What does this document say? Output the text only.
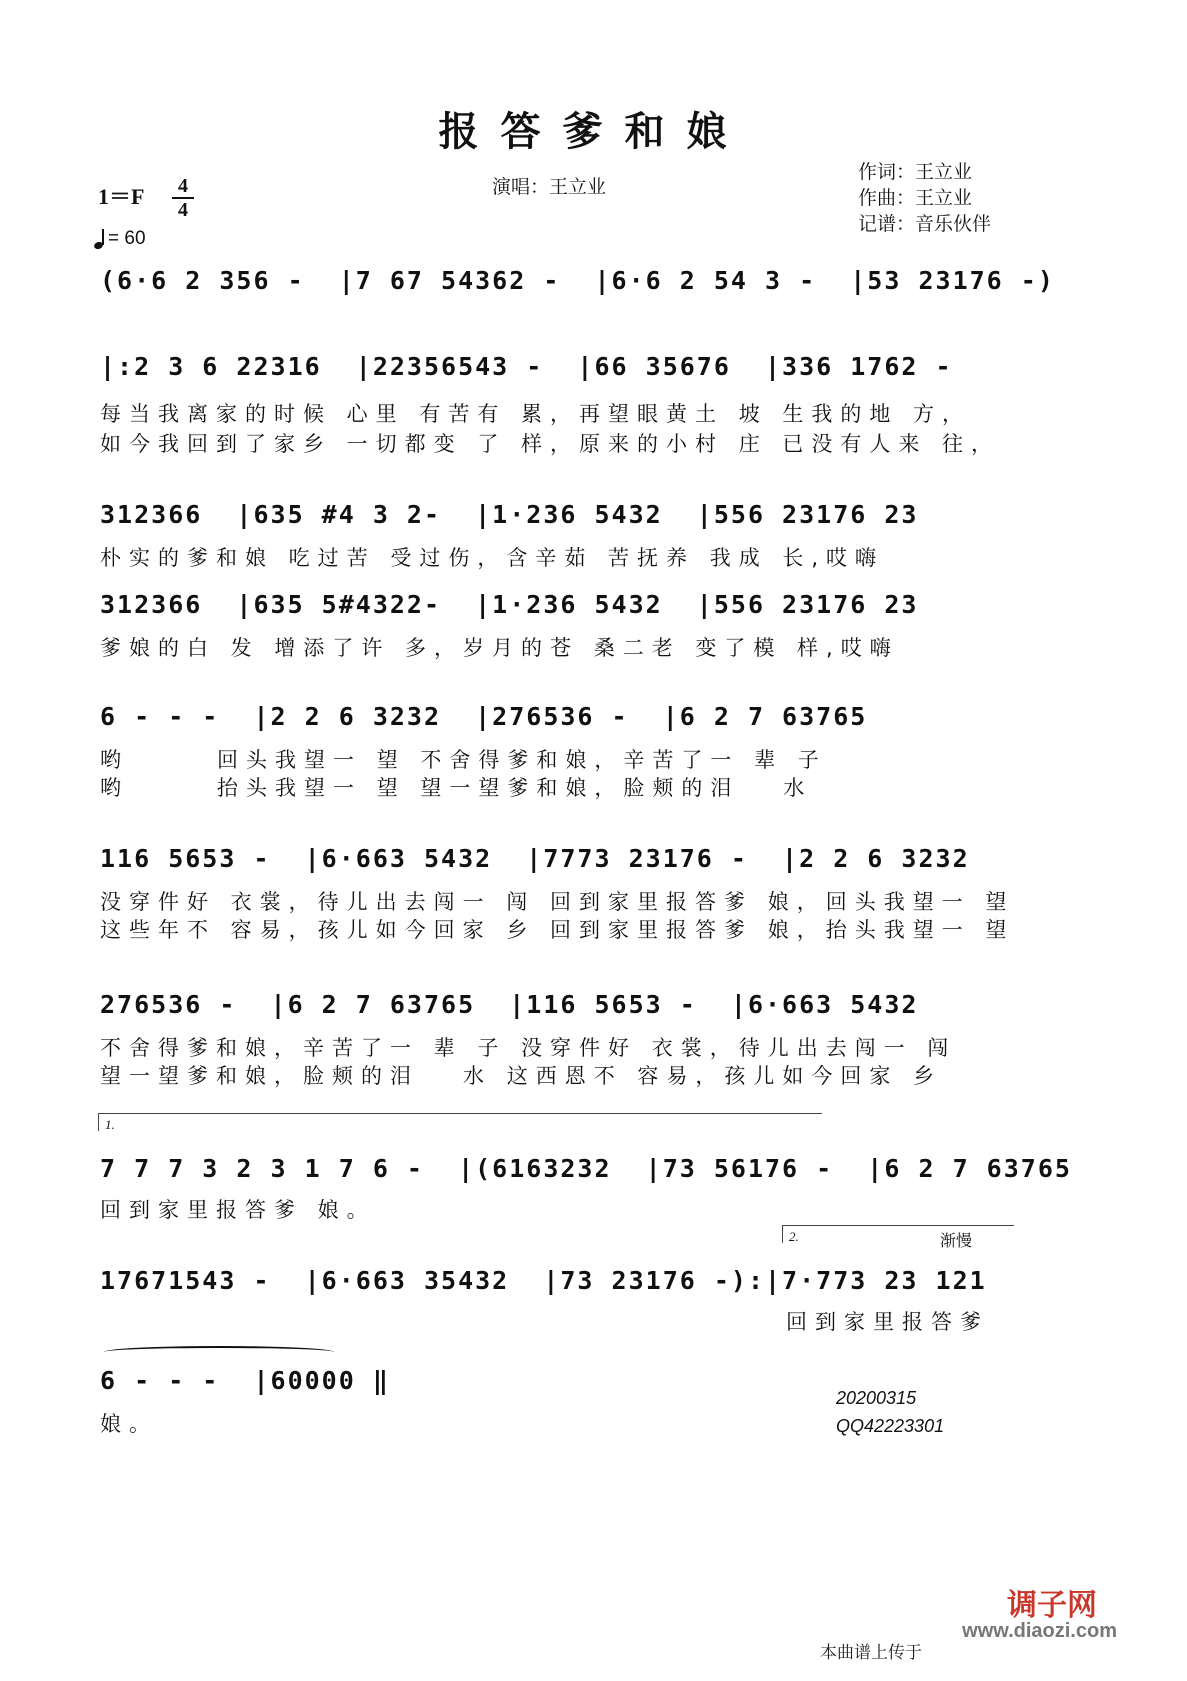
报答爹和娘
演唱：王立业
作词：王立业
作曲：王立业
记谱：音乐伙伴
1＝F	4
4
= 60
(6·6 2 356 -  |7 67 54362 -  |6·6 2 54 3 -  |53 23176 -)
|:2 3 6 22316  |22356543 -  |66 35676  |336 1762 -
每当我离家的时候 心里 有苦有 累，再望眼黄土 坡 生我的地 方，
如今我回到了家乡 一切都变 了 样，原来的小村 庄 已没有人来 往，
312366  |635 #4 3 2-  |1·236 5432  |556 23176 23
朴实的爹和娘 吃过苦 受过伤，含辛茹 苦抚养 我成 长,哎嗨
312366  |635 5#4322-  |1·236 5432  |556 23176 23
爹娘的白 发 增添了许 多，岁月的苍 桑二老 变了模 样,哎嗨
6 - - -  |2 2 6 3232  |276536 -  |6 2 7 63765
哟      回头我望一 望 不舍得爹和娘，辛苦了一 辈 子
哟      抬头我望一 望 望一望爹和娘，脸颊的泪   水
116 5653 -  |6·663 5432  |7773 23176 -  |2 2 6 3232
没穿件好 衣裳，待儿出去闯一 闯 回到家里报答爹 娘，回头我望一 望
这些年不 容易，孩儿如今回家 乡 回到家里报答爹 娘，抬头我望一 望
276536 -  |6 2 7 63765  |116 5653 -  |6·663 5432
不舍得爹和娘，辛苦了一 辈 子 没穿件好 衣裳，待儿出去闯一 闯
望一望爹和娘，脸颊的泪   水 这西恩不 容易，孩儿如今回家 乡
1.
7 7 7 3 2 3 1 7 6 -  |(6163232  |73 56176 -  |6 2 7 63765
回到家里报答爹 娘。
2.	渐慢
17671543 -  |6·663 35432  |73 23176 -):|7·773 23 121
回到家里报答爹
6 - - -  |60000 ‖
娘。
20200315
QQ42223301
调子网
www.diaozi.com
本曲谱上传于
